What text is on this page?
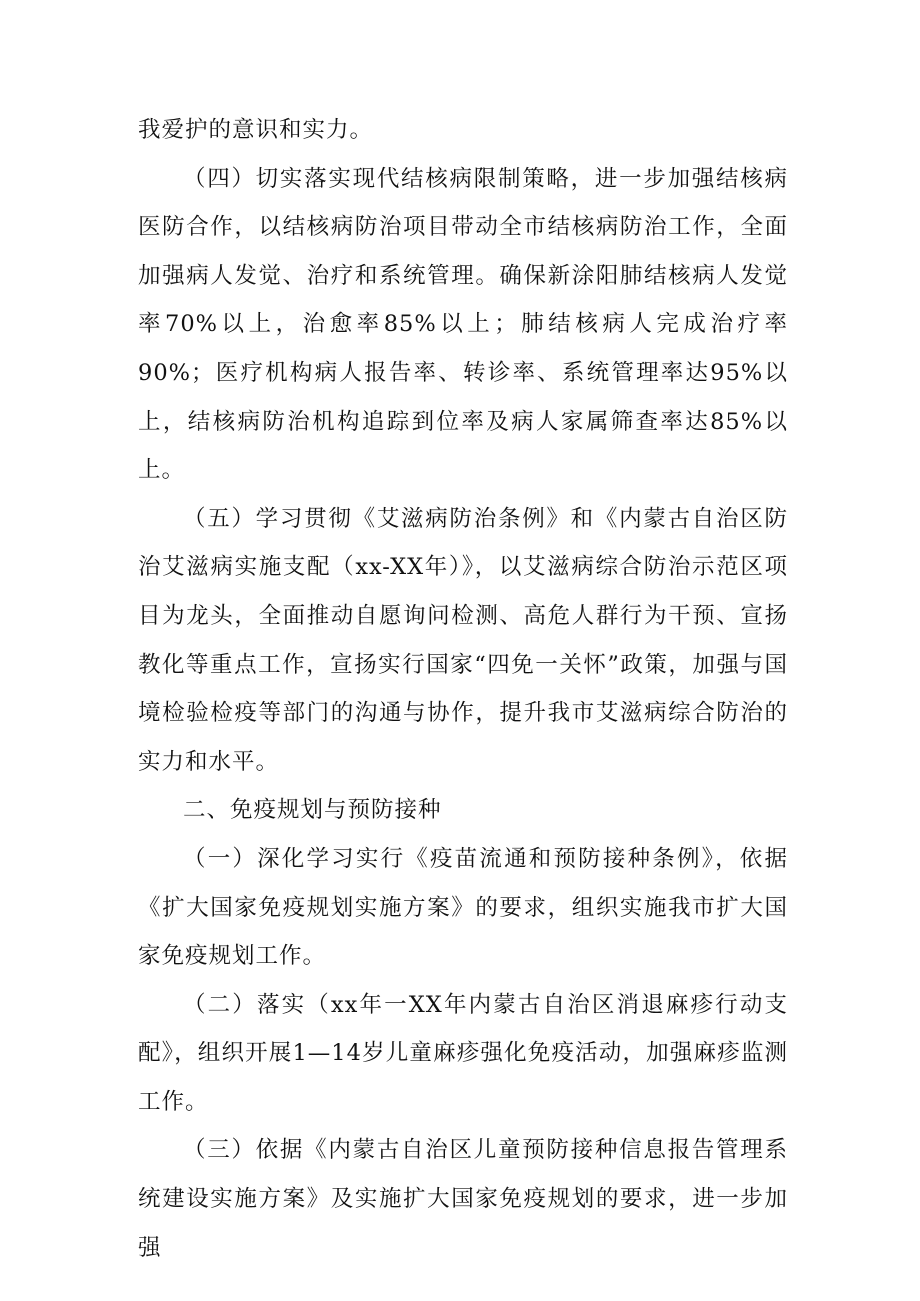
我爱护的意识和实力。

（四）切实落实现代结核病限制策略，进一步加强结核病医防合作，以结核病防治项目带动全市结核病防治工作，全面加强病人发觉、治疗和系统管理。确保新涂阳肺结核病人发觉率70%以上，治愈率85%以上；肺结核病人完成治疗率90%；医疗机构病人报告率、转诊率、系统管理率达95%以上，结核病防治机构追踪到位率及病人家属筛查率达85%以上。

（五）学习贯彻《艾滋病防治条例》和《内蒙古自治区防治艾滋病实施支配（xx-XX年）》，以艾滋病综合防治示范区项目为龙头，全面推动自愿询问检测、高危人群行为干预、宣扬教化等重点工作，宣扬实行国家“四免一关怀”政策，加强与国境检验检疫等部门的沟通与协作，提升我市艾滋病综合防治的实力和水平。

二、免疫规划与预防接种

（一）深化学习实行《疫苗流通和预防接种条例》，依据《扩大国家免疫规划实施方案》的要求，组织实施我市扩大国家免疫规划工作。

（二）落实（xx年一XX年内蒙古自治区消退麻疹行动支配》，组织开展1—14岁儿童麻疹强化免疫活动，加强麻疹监测工作。

（三）依据《内蒙古自治区儿童预防接种信息报告管理系统建设实施方案》及实施扩大国家免疫规划的要求，进一步加强
